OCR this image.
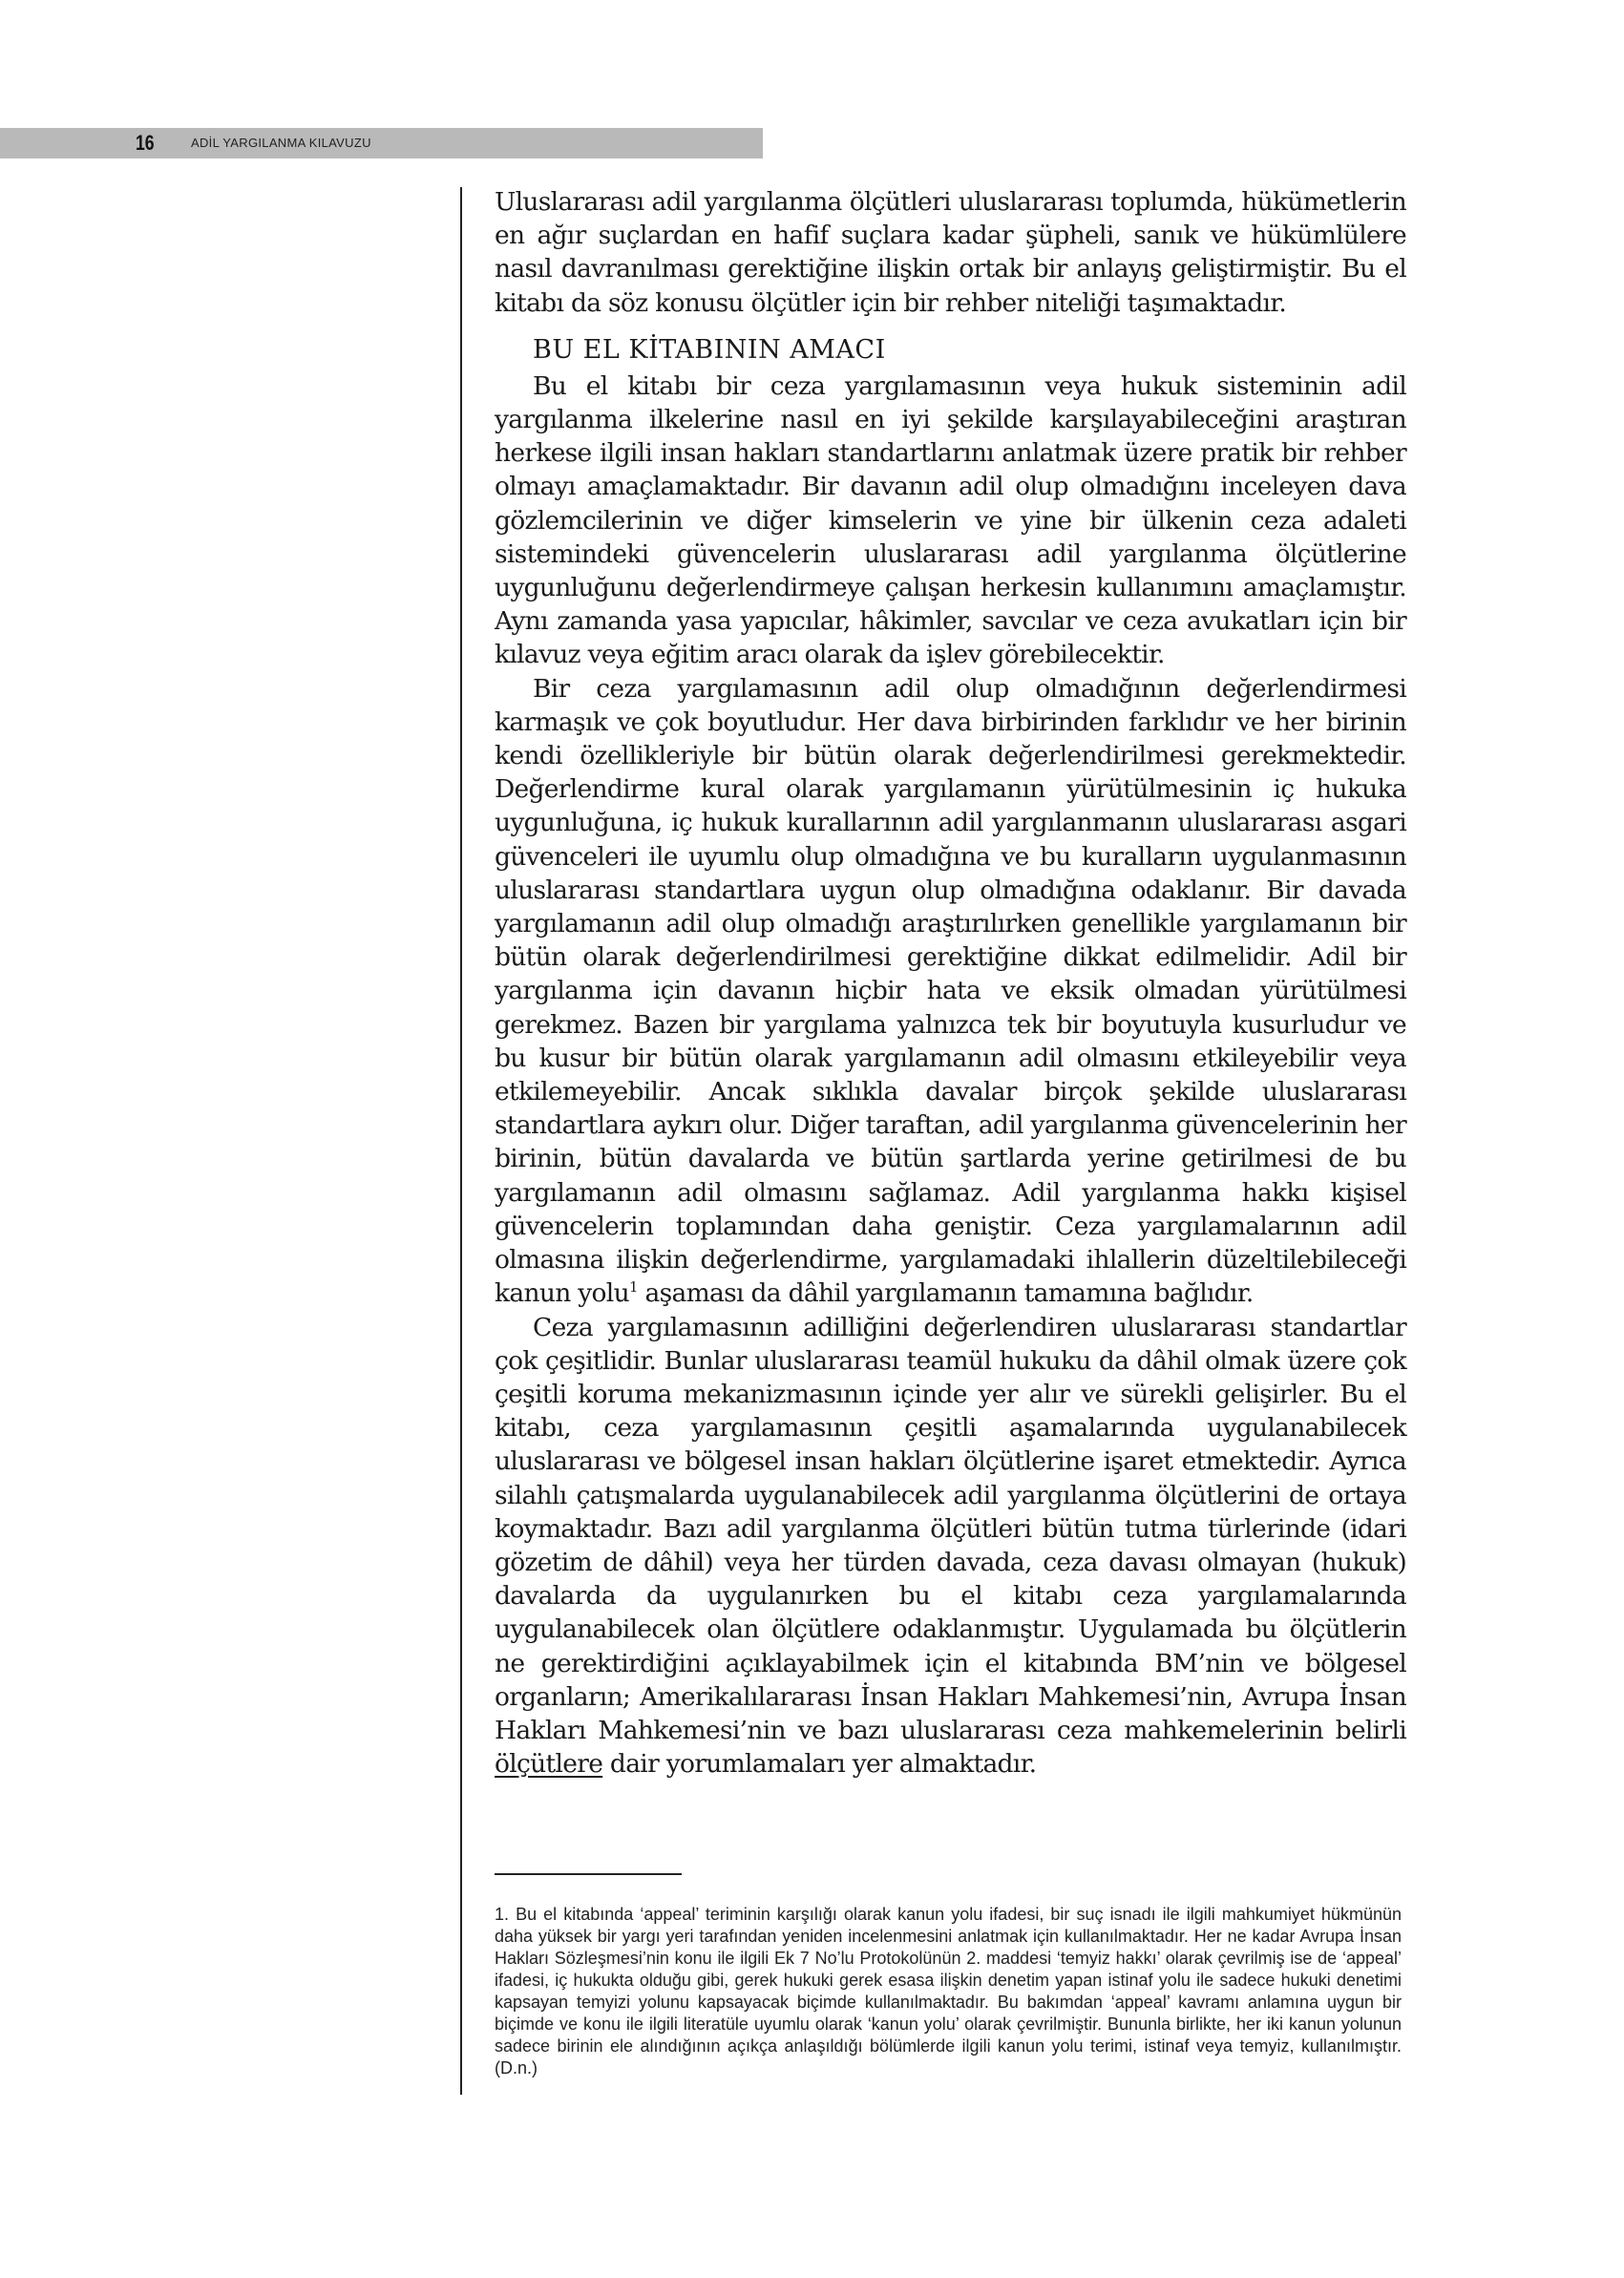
16	ADİL YARGILANMA KILAVUZU

Uluslararası adil yargılanma ölçütleri uluslararası toplumda, hükümetlerin en ağır suçlardan en hafif suçlara kadar şüpheli, sanık ve hükümlülere nasıl davranılması gerektiğine ilişkin ortak bir anlayış geliştirmiştir. Bu el kitabı da söz konusu ölçütler için bir rehber niteliği taşımaktadır.

BU EL KİTABININ AMACI

Bu el kitabı bir ceza yargılamasının veya hukuk sisteminin adil yargılanma ilkelerine nasıl en iyi şekilde karşılayabileceğini araştıran herkese ilgili insan hakları standartlarını anlatmak üzere pratik bir rehber olmayı amaçlamaktadır. Bir davanın adil olup olmadığını inceleyen dava gözlemcilerinin ve diğer kimselerin ve yine bir ülkenin ceza adaleti sistemindeki güvencelerin uluslararası adil yargılanma ölçütlerine uygunluğunu değerlendirmeye çalışan herkesin kullanımını amaçlamıştır. Aynı zamanda yasa yapıcılar, hâkimler, savcılar ve ceza avukatları için bir kılavuz veya eğitim aracı olarak da işlev görebilecektir.

Bir ceza yargılamasının adil olup olmadığının değerlendirmesi karmaşık ve çok boyutludur. Her dava birbirinden farklıdır ve her birinin kendi özellikleriyle bir bütün olarak değerlendirilmesi gerekmektedir. Değerlendirme kural olarak yargılamanın yürütülmesinin iç hukuka uygunluğuna, iç hukuk kurallarının adil yargılanmanın uluslararası asgari güvenceleri ile uyumlu olup olmadığına ve bu kuralların uygulanmasının uluslararası standartlara uygun olup olmadığına odaklanır. Bir davada yargılamanın adil olup olmadığı araştırılırken genellikle yargılamanın bir bütün olarak değerlendirilmesi gerektiğine dikkat edilmelidir. Adil bir yargılanma için davanın hiçbir hata ve eksik olmadan yürütülmesi gerekmez. Bazen bir yargılama yalnızca tek bir boyutuyla kusurludur ve bu kusur bir bütün olarak yargılamanın adil olmasını etkileyebilir veya etkilemeyebilir. Ancak sıklıkla davalar birçok şekilde uluslararası standartlara aykırı olur. Diğer taraftan, adil yargılanma güvencelerinin her birinin, bütün davalarda ve bütün şartlarda yerine getirilmesi de bu yargılamanın adil olmasını sağlamaz. Adil yargılanma hakkı kişisel güvencelerin toplamından daha geniştir. Ceza yargılamalarının adil olmasına ilişkin değerlendirme, yargılamadaki ihlallerin düzeltilebileceği kanun yolu$^1$ aşaması da dâhil yargılamanın tamamına bağlıdır.

Ceza yargılamasının adilliğini değerlendiren uluslararası standartlar çok çeşitlidir. Bunlar uluslararası teamül hukuku da dâhil olmak üzere çok çeşitli koruma mekanizmasının içinde yer alır ve sürekli gelişirler. Bu el kitabı, ceza yargılamasının çeşitli aşamalarında uygulanabilecek uluslararası ve bölgesel insan hakları ölçütlerine işaret etmektedir. Ayrıca silahlı çatışmalarda uygulanabilecek adil yargılanma ölçütlerini de ortaya koymaktadır. Bazı adil yargılanma ölçütleri bütün tutma türlerinde (idari gözetim de dâhil) veya her türden davada, ceza davası olmayan (hukuk) davalarda da uygulanırken bu el kitabı ceza yargılamalarında uygulanabilecek olan ölçütlere odaklanmıştır. Uygulamada bu ölçütlerin ne gerektirdiğini açıklayabilmek için el kitabında BM’nin ve bölgesel organların; Amerikalılararası İnsan Hakları Mahkemesi’nin, Avrupa İnsan Hakları Mahkemesi’nin ve bazı uluslararası ceza mahkemelerinin belirli ölçütlere dair yorumlamaları yer almaktadır.

1. Bu el kitabında ‘appeal’ teriminin karşılığı olarak kanun yolu ifadesi, bir suç isnadı ile ilgili mahkumiyet hükmünün daha yüksek bir yargı yeri tarafından yeniden incelenmesini anlatmak için kullanılmaktadır. Her ne kadar Avrupa İnsan Hakları Sözleşmesi’nin konu ile ilgili Ek 7 No’lu Protokolünün 2. maddesi ‘temyiz hakkı’ olarak çevrilmiş ise de ‘appeal’ ifadesi, iç hukukta olduğu gibi, gerek hukuki gerek esasa ilişkin denetim yapan istinaf yolu ile sadece hukuki denetimi kapsayan temyizi yolunu kapsayacak biçimde kullanılmaktadır. Bu bakımdan ‘appeal’ kavramı anlamına uygun bir biçimde ve konu ile ilgili literatüle uyumlu olarak ‘kanun yolu’ olarak çevrilmiştir. Bununla birlikte, her iki kanun yolunun sadece birinin ele alındığının açıkça anlaşıldığı bölümlerde ilgili kanun yolu terimi, istinaf veya temyiz, kullanılmıştır. (D.n.)
